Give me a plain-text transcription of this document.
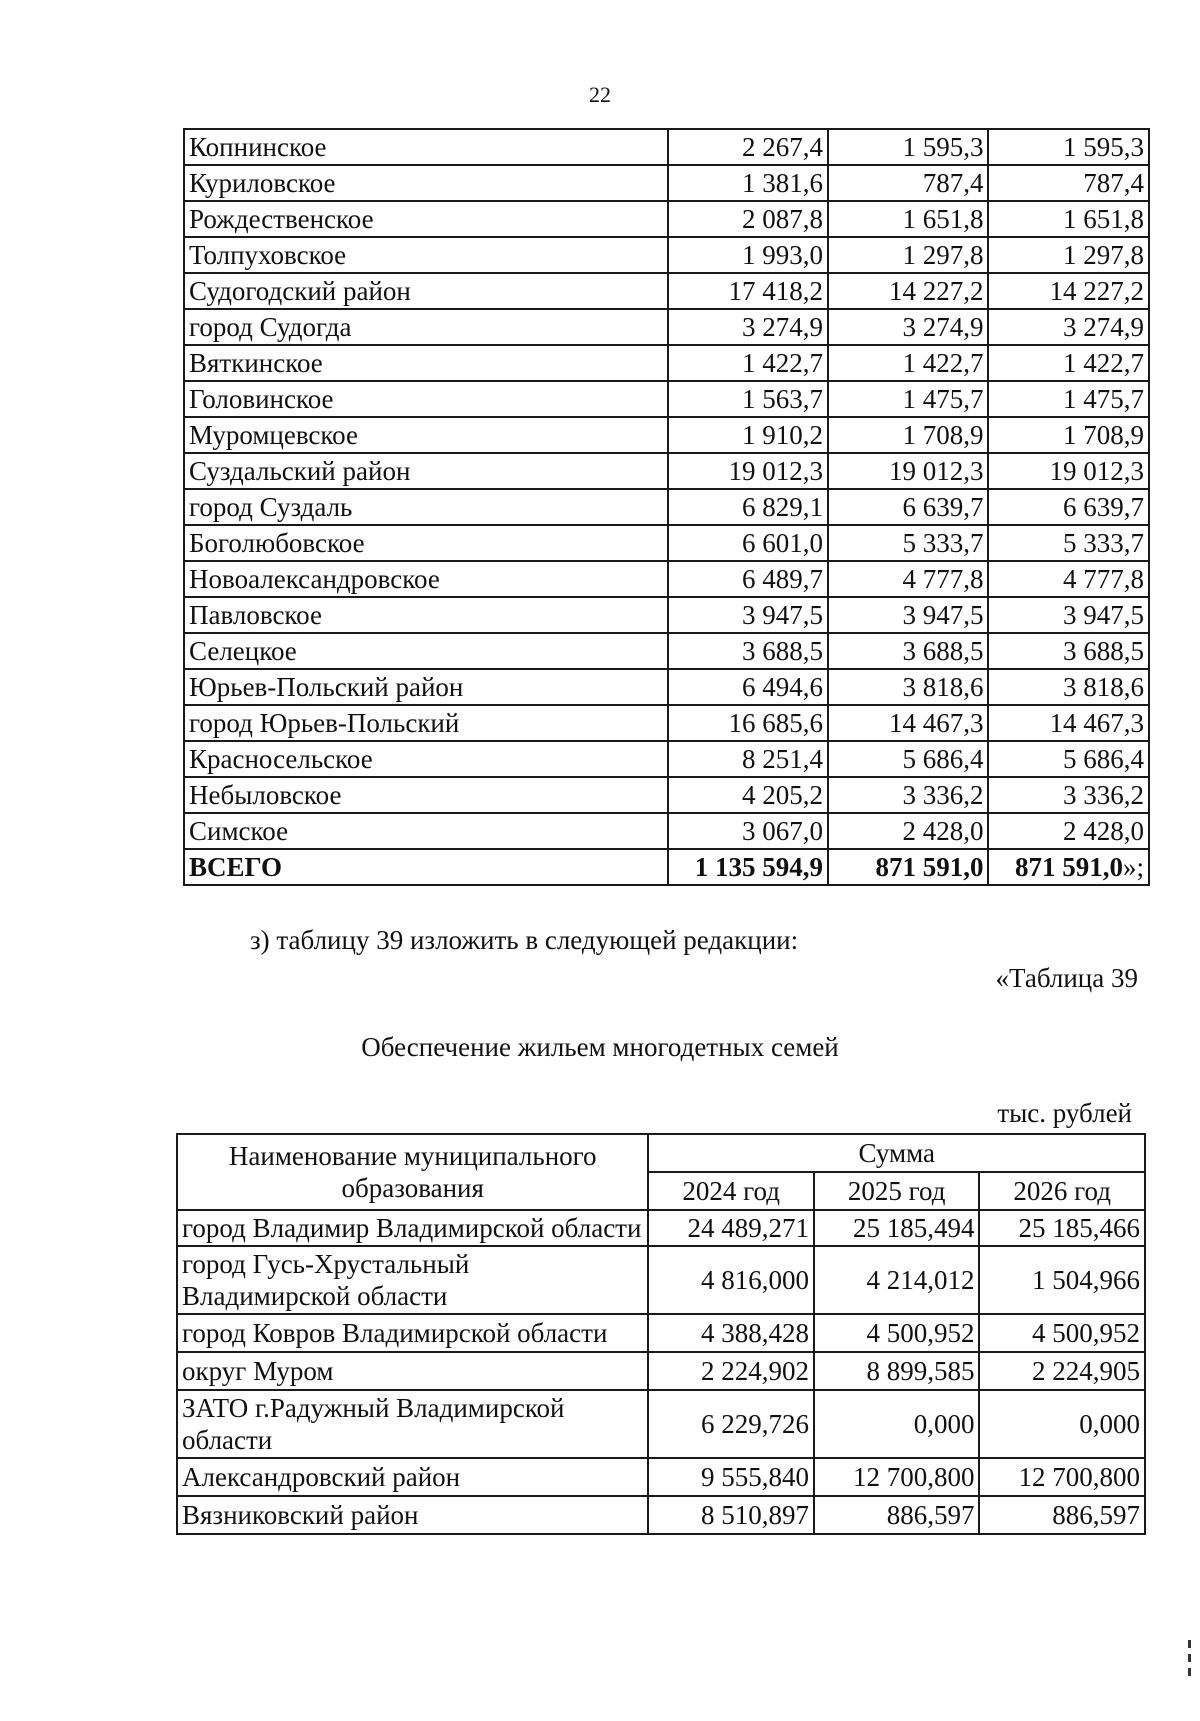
22
Копнинское	2 267,4	1 595,3	1 595,3
Куриловское	1 381,6	787,4	787,4
Рождественское	2 087,8	1 651,8	1 651,8
Толпуховское	1 993,0	1 297,8	1 297,8
Судогодский район	17 418,2	14 227,2	14 227,2
город Судогда	3 274,9	3 274,9	3 274,9
Вяткинское	1 422,7	1 422,7	1 422,7
Головинское	1 563,7	1 475,7	1 475,7
Муромцевское	1 910,2	1 708,9	1 708,9
Суздальский район	19 012,3	19 012,3	19 012,3
город Суздаль	6 829,1	6 639,7	6 639,7
Боголюбовское	6 601,0	5 333,7	5 333,7
Новоалександровское	6 489,7	4 777,8	4 777,8
Павловское	3 947,5	3 947,5	3 947,5
Селецкое	3 688,5	3 688,5	3 688,5
Юрьев-Польский район	6 494,6	3 818,6	3 818,6
город Юрьев-Польский	16 685,6	14 467,3	14 467,3
Красносельское	8 251,4	5 686,4	5 686,4
Небыловское	4 205,2	3 336,2	3 336,2
Симское	3 067,0	2 428,0	2 428,0
ВСЕГО	1 135 594,9	871 591,0	871 591,0»;
з) таблицу 39 изложить в следующей редакции:
«Таблица 39
Обеспечение жильем многодетных семей
тыс. рублей
Наименование муниципального образования	Сумма		
	2024 год	2025 год	2026 год
город Владимир Владимирской области	24 489,271	25 185,494	25 185,466
город Гусь-Хрустальный Владимирской области	4 816,000	4 214,012	1 504,966
город Ковров Владимирской области	4 388,428	4 500,952	4 500,952
округ Муром	2 224,902	8 899,585	2 224,905
ЗАТО г.Радужный Владимирской области	6 229,726	0,000	0,000
Александровский район	9 555,840	12 700,800	12 700,800
Вязниковский район	8 510,897	886,597	886,597
